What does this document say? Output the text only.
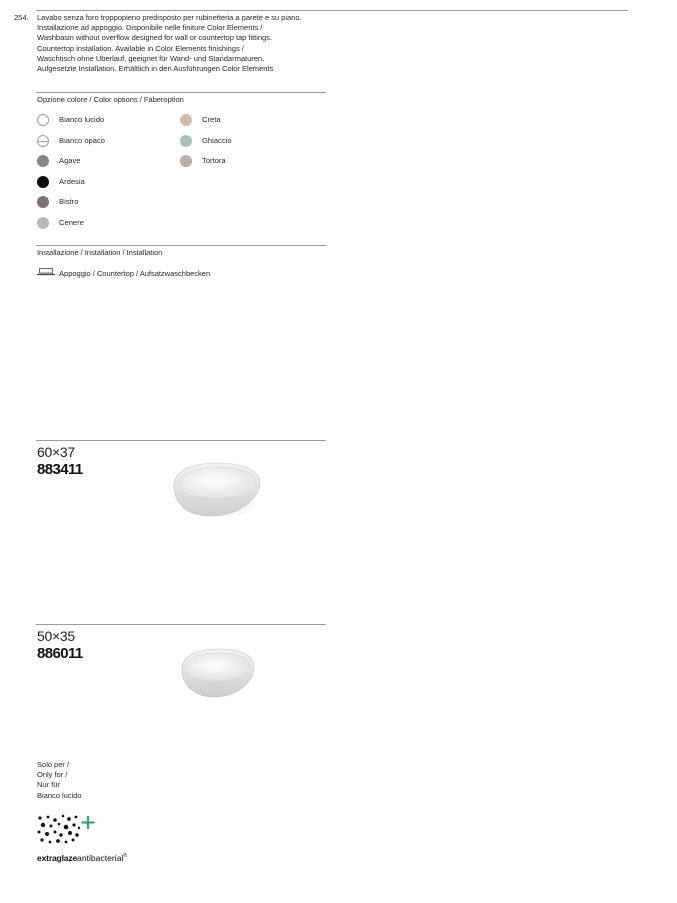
254. Lavabo senza foro troppopieno predisposto per rubinetteria a parete e su piano.
Installazione ad appoggio. Disponibile nelle finiture Color Elements /
Washbasin without overflow designed for wall or countertop tap fittings.
Countertop installation. Available in Color Elements finishings /
Waschtisch ohne Überlauf, geeignet für Wand- und Standarmaturen.
Aufgesetzte Installation. Erhältlich in den Ausführungen Color Elements
Opzione colore / Color options / Faberoption
Bianco lucido
Bianco opaco
Agave
Ardesia
Bistro
Cenere
Creta
Ghiaccio
Tortora
Installazione / Installation / Installation
Appoggio / Countertop / Aufsatzwaschbecken
60×37
883411
50×35
886011
Solo per /
Only for /
Nur für
Bianco lucido
extraglazeantibacterial®
